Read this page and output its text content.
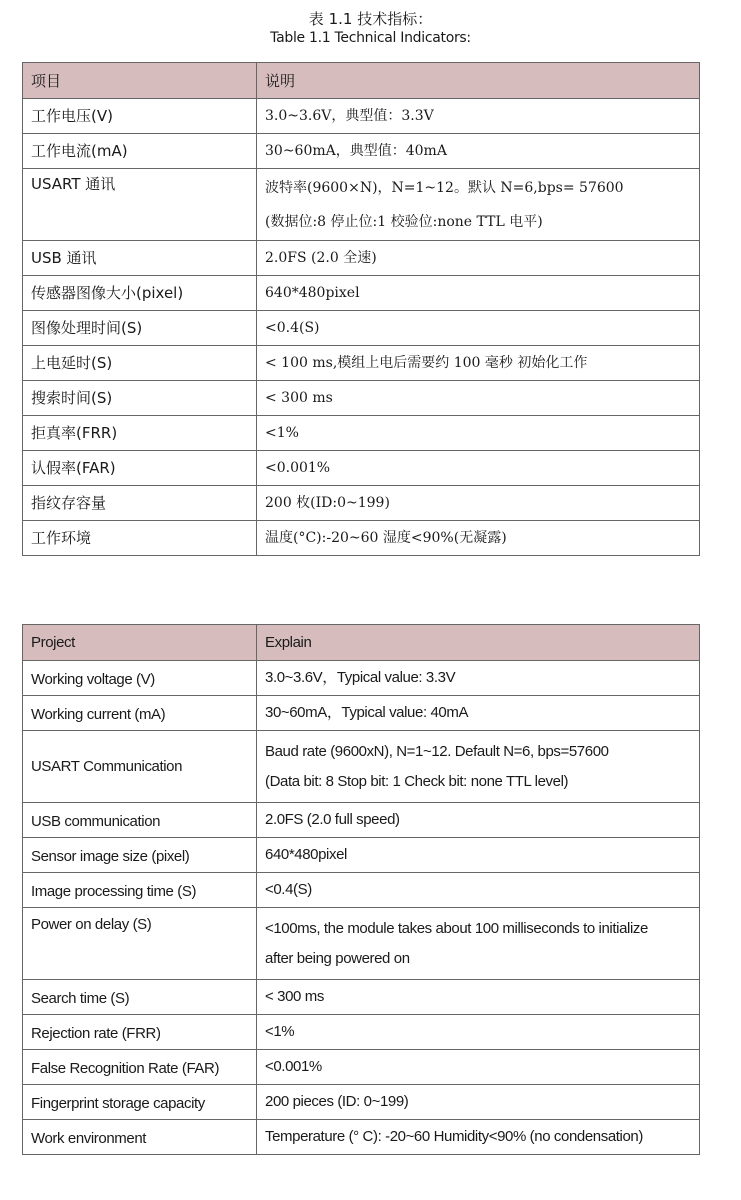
表 1.1 技术指标：
Table 1.1 Technical Indicators:
项目	说明
工作电压(V)	3.0~3.6V，典型值：3.3V

工作电流(mA)	30~60mA，典型值：40mA

USART 通讯	波特率(9600×N)，N=1~12。默认 N=6,bps= 57600
(数据位:8 停止位:1 校验位:none TTL 电平)

USB 通讯	2.0FS (2.0 全速)

传感器图像大小(pixel)	640*480pixel

图像处理时间(S)	<0.4(S)

上电延时(S)	< 100 ms,模组上电后需要约 100 毫秒 初始化工作

搜索时间(S)	< 300 ms

拒真率(FRR)	<1%

认假率(FAR)	<0.001%

指纹存容量	200 枚(ID:0~199)

工作环境	温度(°C):-20~60 湿度<90%(无凝露)
Project	Explain
Working voltage (V)	3.0~3.6V，Typical value: 3.3V

Working current (mA)	30~60mA，Typical value: 40mA

USART Communication	Baud rate (9600xN), N=1~12. Default N=6, bps=57600
(Data bit: 8 Stop bit: 1 Check bit: none TTL level)

USB communication	2.0FS (2.0 full speed)

Sensor image size (pixel)	640*480pixel

Image processing time (S)	<0.4(S)

Power on delay (S)	<100ms, the module takes about 100 milliseconds to initialize
after being powered on

Search time (S)	< 300 ms

Rejection rate (FRR)	<1%

False Recognition Rate (FAR)	<0.001%

Fingerprint storage capacity	200 pieces (ID: 0~199)

Work environment	Temperature (° C): -20~60 Humidity<90% (no condensation)
